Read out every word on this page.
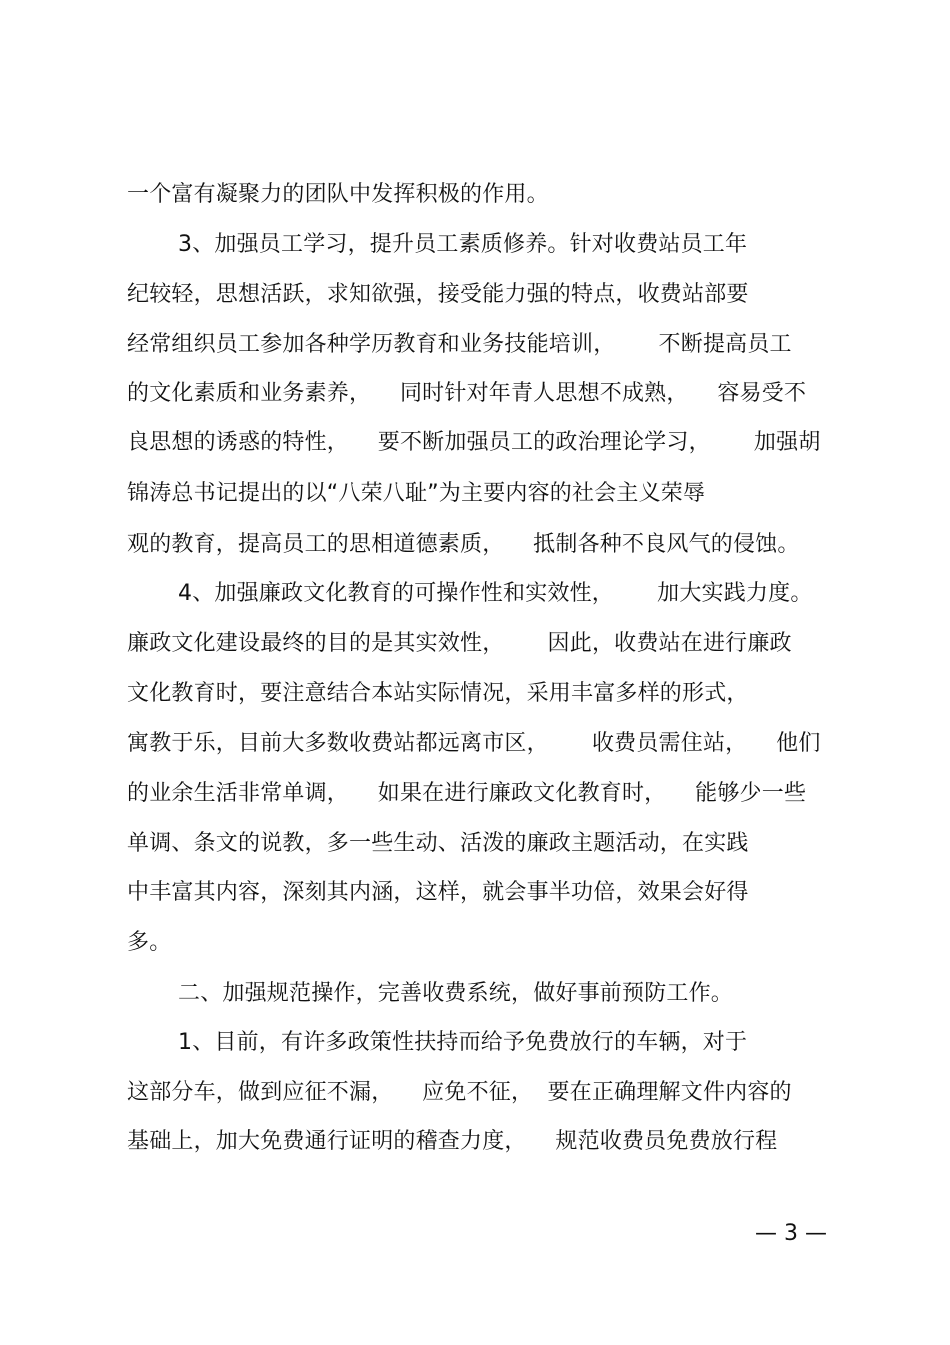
一个富有凝聚力的团队中发挥积极的作用。
3、加强员工学习，提升员工素质修养。针对收费站员工年
纪较轻，思想活跃，求知欲强，接受能力强的特点，收费站部要
经常组织员工参加各种学历教育和业务技能培训，      不断提高员工
的文化素质和业务素养，    同时针对年青人思想不成熟，    容易受不
良思想的诱惑的特性，    要不断加强员工的政治理论学习，      加强胡
锦涛总书记提出的以“八荣八耻”为主要内容的社会主义荣辱
观的教育，提高员工的思相道德素质，    抵制各种不良风气的侵蚀。
4、加强廉政文化教育的可操作性和实效性，      加大实践力度。
廉政文化建设最终的目的是其实效性，      因此，收费站在进行廉政
文化教育时，要注意结合本站实际情况，采用丰富多样的形式，
寓教于乐，目前大多数收费站都远离市区，      收费员需住站，    他们
的业余生活非常单调，    如果在进行廉政文化教育时，    能够少一些
单调、条文的说教，多一些生动、活泼的廉政主题活动，在实践
中丰富其内容，深刻其内涵，这样，就会事半功倍，效果会好得
多。
二、加强规范操作，完善收费系统，做好事前预防工作。
1、目前，有许多政策性扶持而给予免费放行的车辆，对于
这部分车，做到应征不漏，    应免不征，  要在正确理解文件内容的
基础上，加大免费通行证明的稽查力度，    规范收费员免费放行程
— 3 —
